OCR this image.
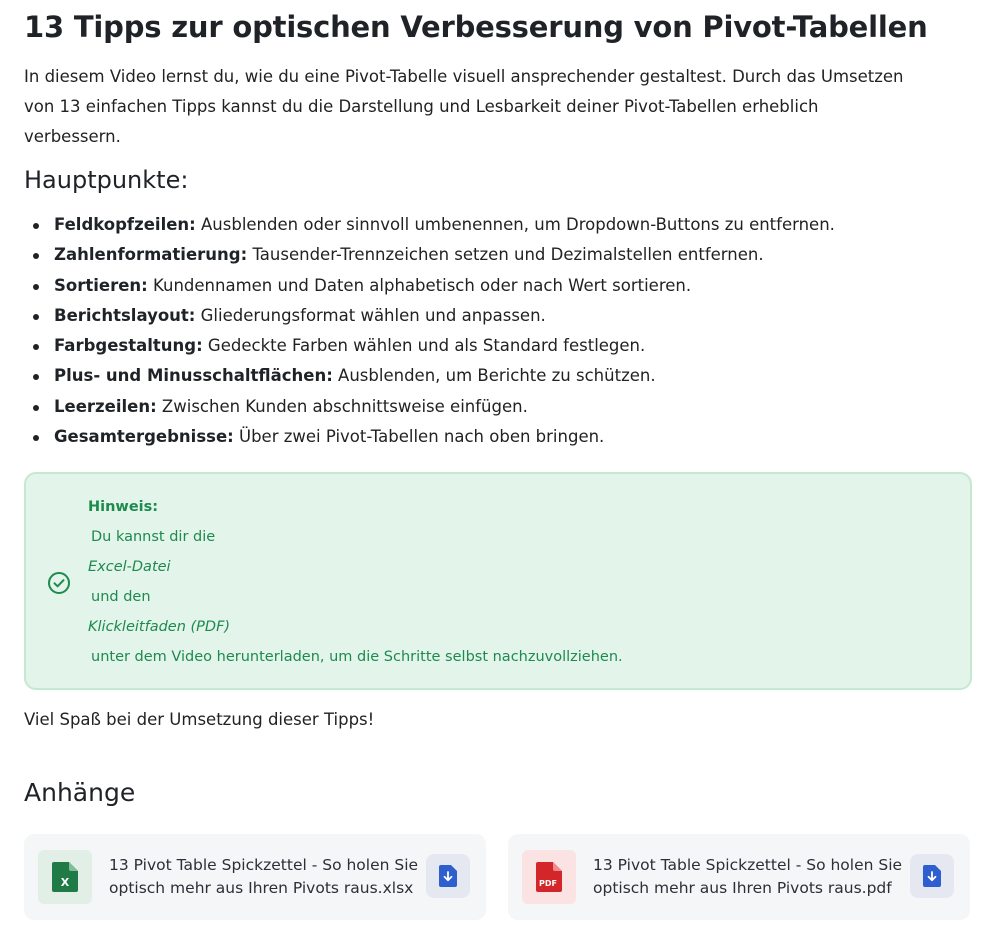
13 Tipps zur optischen Verbesserung von Pivot-Tabellen
In diesem Video lernst du, wie du eine Pivot-Tabelle visuell ansprechender gestaltest. Durch das Umsetzen
von 13 einfachen Tipps kannst du die Darstellung und Lesbarkeit deiner Pivot-Tabellen erheblich
verbessern.
Hauptpunkte:
Feldkopfzeilen: Ausblenden oder sinnvoll umbenennen, um Dropdown-Buttons zu entfernen.
Zahlenformatierung: Tausender-Trennzeichen setzen und Dezimalstellen entfernen.
Sortieren: Kundennamen und Daten alphabetisch oder nach Wert sortieren.
Berichtslayout: Gliederungsformat wählen und anpassen.
Farbgestaltung: Gedeckte Farben wählen und als Standard festlegen.
Plus- und Minusschaltflächen: Ausblenden, um Berichte zu schützen.
Leerzeilen: Zwischen Kunden abschnittsweise einfügen.
Gesamtergebnisse: Über zwei Pivot-Tabellen nach oben bringen.
Hinweis:
Du kannst dir die
Excel-Datei
und den
Klickleitfaden (PDF)
unter dem Video herunterladen, um die Schritte selbst nachzuvollziehen.
Viel Spaß bei der Umsetzung dieser Tipps!
Anhänge
X
13 Pivot Table Spickzettel - So holen Sie
optisch mehr aus Ihren Pivots raus.xlsx	PDF
13 Pivot Table Spickzettel - So holen Sie
optisch mehr aus Ihren Pivots raus.pdf
